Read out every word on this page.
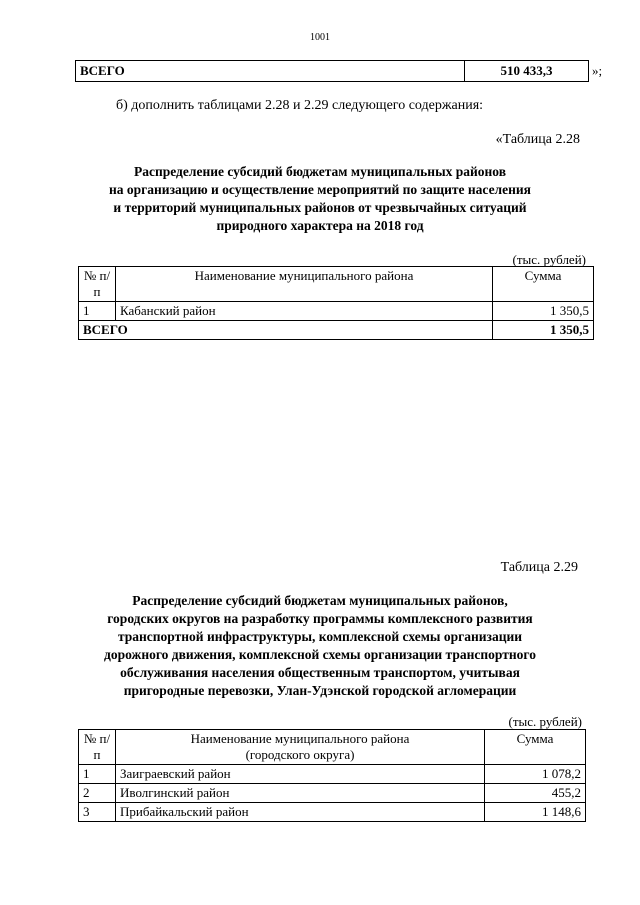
1001
ВСЕГО	510 433,3	»;
б) дополнить таблицами 2.28 и 2.29 следующего содержания:
«Таблица 2.28
Распределение субсидий бюджетам муниципальных районов
на организацию и осуществление мероприятий по защите населения
и территорий муниципальных районов от чрезвычайных ситуаций
природного характера на 2018 год
(тыс. рублей)
№ п/п	Наименование муниципального района	Сумма
1	Кабанский район	1 350,5
ВСЕГО		1 350,5
Таблица 2.29
Распределение субсидий бюджетам муниципальных районов,
городских округов на разработку программы комплексного развития
транспортной инфраструктуры, комплексной схемы организации
дорожного движения, комплексной схемы организации транспортного
обслуживания населения общественным транспортом, учитывая
пригородные перевозки, Улан-Удэнской городской агломерации
(тыс. рублей)
№ п/п	Наименование муниципального района
(городского округа)	Сумма
1	Заиграевский район	1 078,2
2	Иволгинский район	455,2
3	Прибайкальский район	1 148,6
